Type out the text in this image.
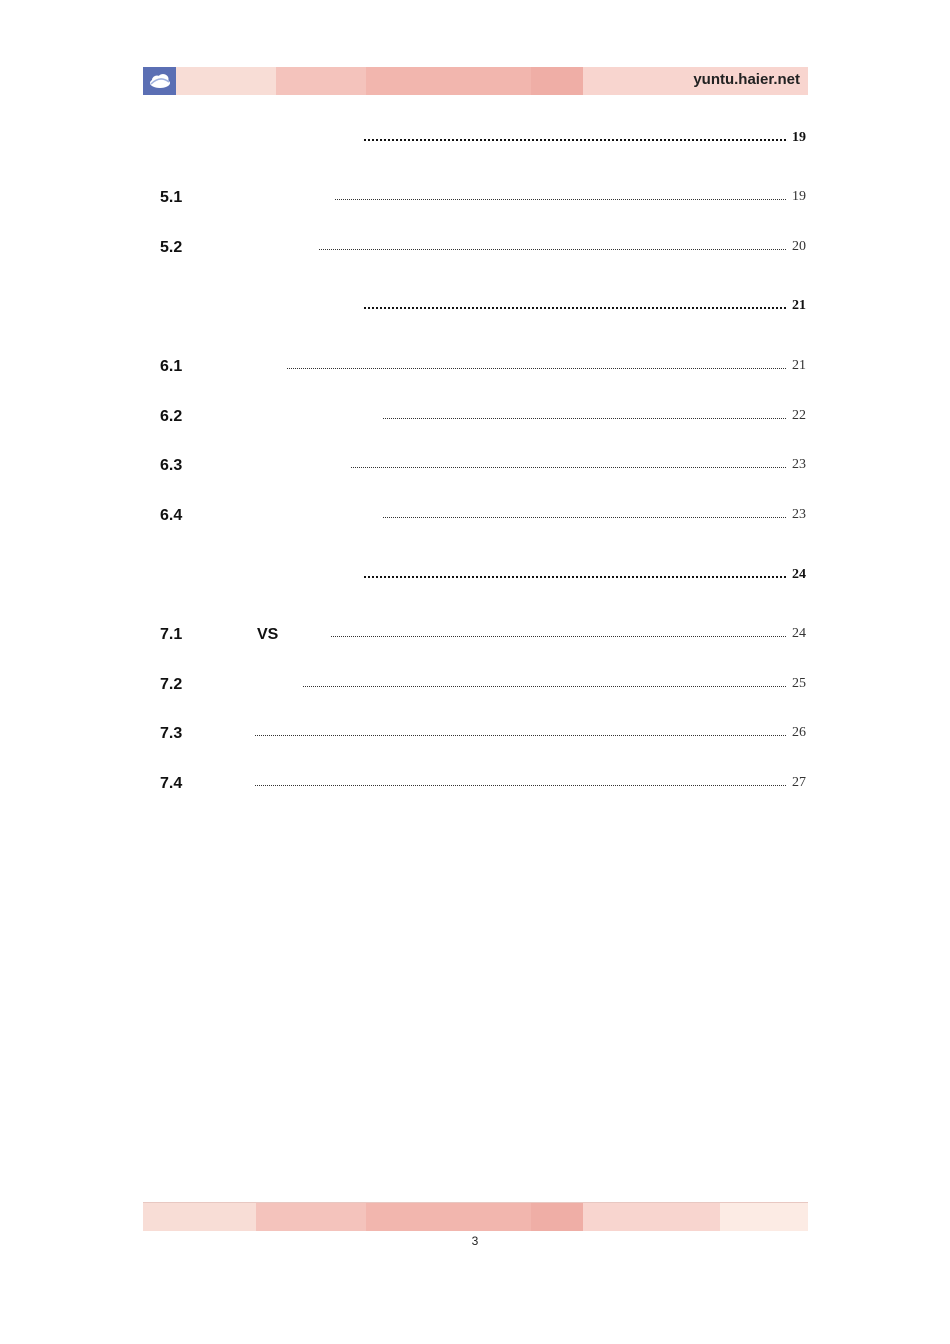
yuntu.haier.net
19
5.1	19
5.2	20
21
6.1	21
6.2	22
6.3	23
6.4	23
24
7.1	VS	24
7.2	25
7.3	26
7.4	27
3
